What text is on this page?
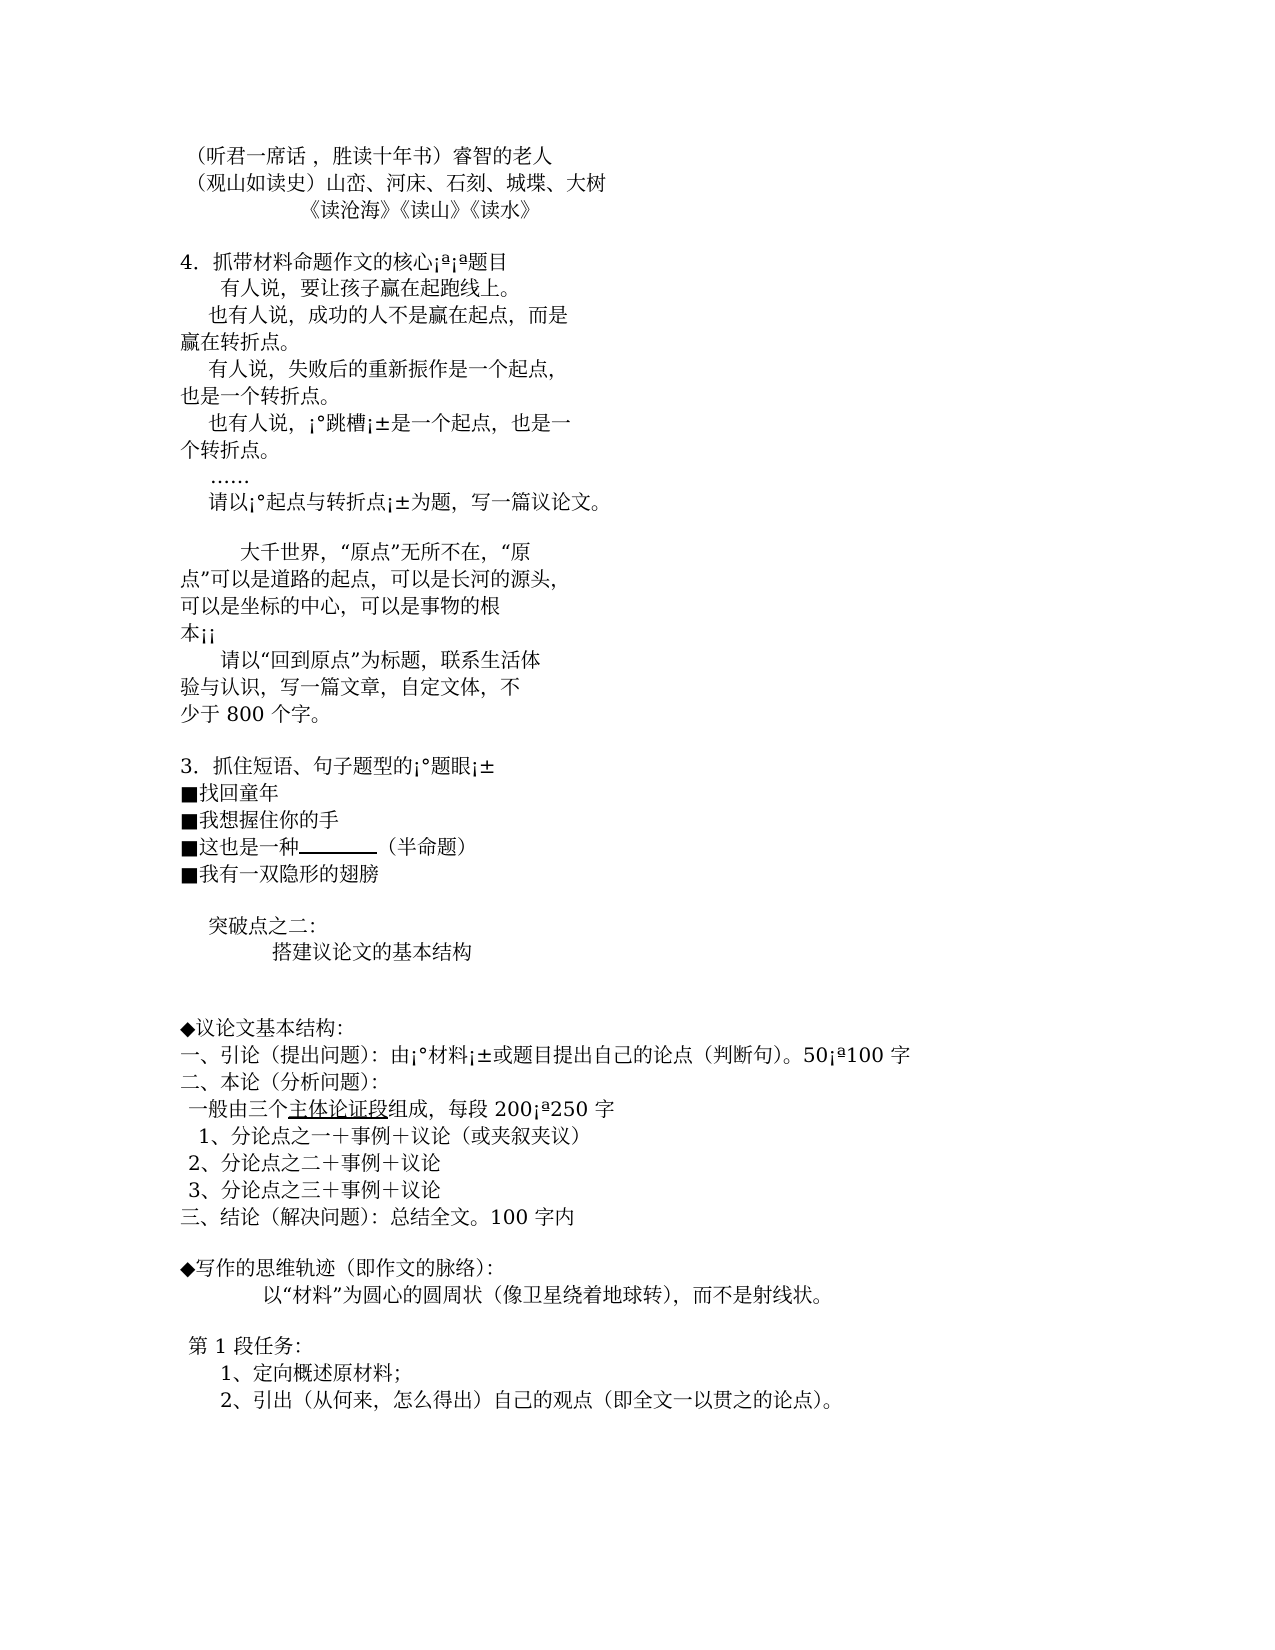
（听君一席话 ，胜读十年书）睿智的老人
（观山如读史）山峦、河床、石刻、城堞、大树
《读沧海》《读山》《读水》
4．抓带材料命题作文的核心¡ª¡ª题目
有人说，要让孩子赢在起跑线上。
也有人说，成功的人不是赢在起点，而是
赢在转折点。
有人说，失败后的重新振作是一个起点，
也是一个转折点。
也有人说，¡°跳槽¡±是一个起点，也是一
个转折点。
……
请以¡°起点与转折点¡±为题，写一篇议论文。
大千世界，“原点”无所不在，“原
点”可以是道路的起点，可以是长河的源头，
可以是坐标的中心，可以是事物的根
本¡¡
请以“回到原点”为标题，联系生活体
验与认识，写一篇文章，自定文体，不
少于 800 个字。
3．抓住短语、句子题型的¡°题眼¡±
■找回童年
■我想握住你的手
■这也是一种	（半命题）
■我有一双隐形的翅膀
突破点之二：
搭建议论文的基本结构
◆议论文基本结构：
一、引论（提出问题）：由¡°材料¡±或题目提出自己的论点（判断句）。50¡ª100 字
二、本论（分析问题）：
一般由三个主体论证段组成，每段 200¡ª250 字
1、分论点之一＋事例＋议论（或夹叙夹议）
2、分论点之二＋事例＋议论
3、分论点之三＋事例＋议论
三、结论（解决问题）：总结全文。100 字内
◆写作的思维轨迹（即作文的脉络）：
以“材料”为圆心的圆周状（像卫星绕着地球转），而不是射线状。
第 1 段任务：
1、定向概述原材料；
2、引出（从何来，怎么得出）自己的观点（即全文一以贯之的论点）。
